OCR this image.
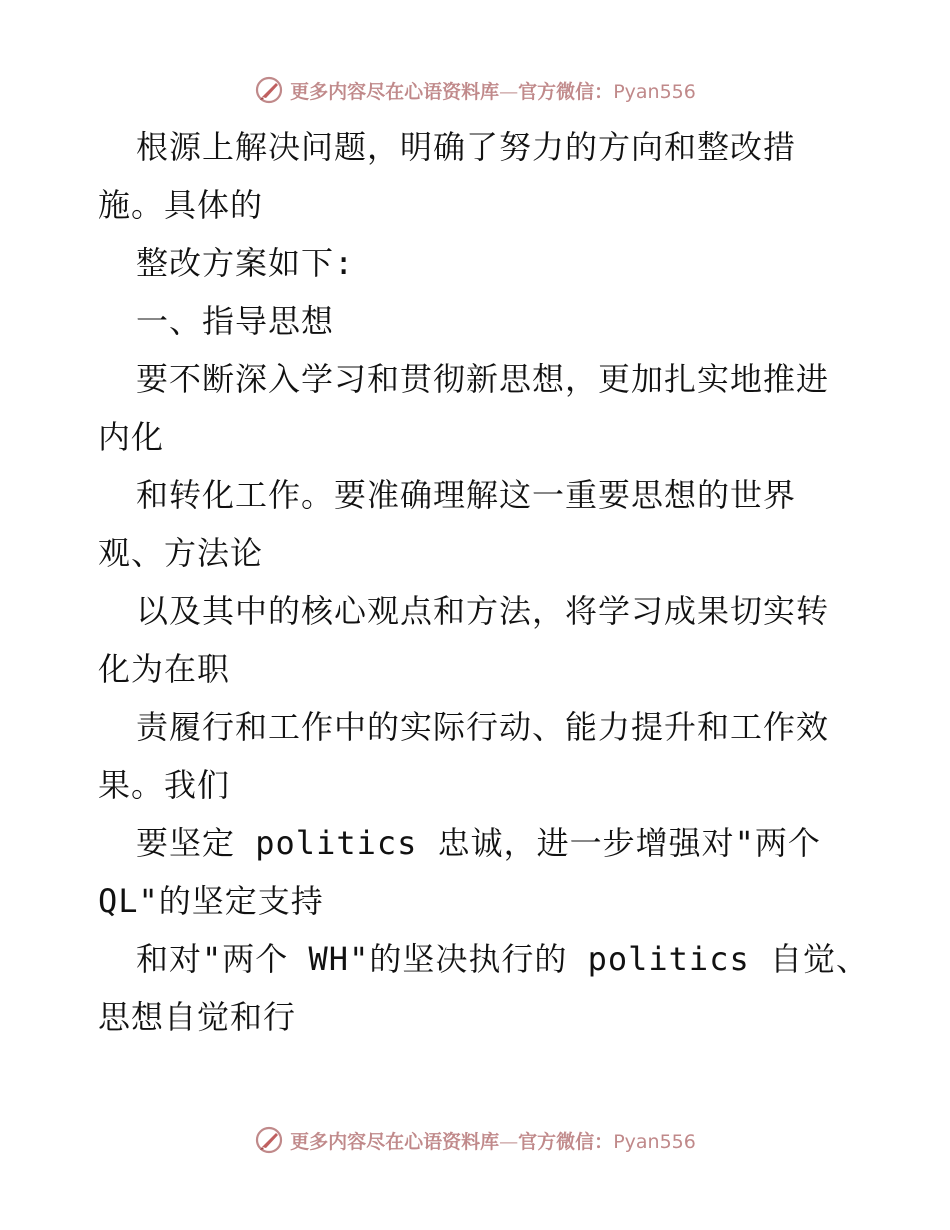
更多内容尽在心语资料库—官方微信：Pyan556
根源上解决问题，明确了努力的方向和整改措
施。具体的
整改方案如下:
一、指导思想
要不断深入学习和贯彻新思想，更加扎实地推进
内化
和转化工作。要准确理解这一重要思想的世界
观、方法论
以及其中的核心观点和方法，将学习成果切实转
化为在职
责履行和工作中的实际行动、能力提升和工作效
果。我们
要坚定 politics 忠诚，进一步增强对"两个
QL"的坚定支持
和对"两个 WH"的坚决执行的 politics 自觉、
思想自觉和行
更多内容尽在心语资料库—官方微信：Pyan556
